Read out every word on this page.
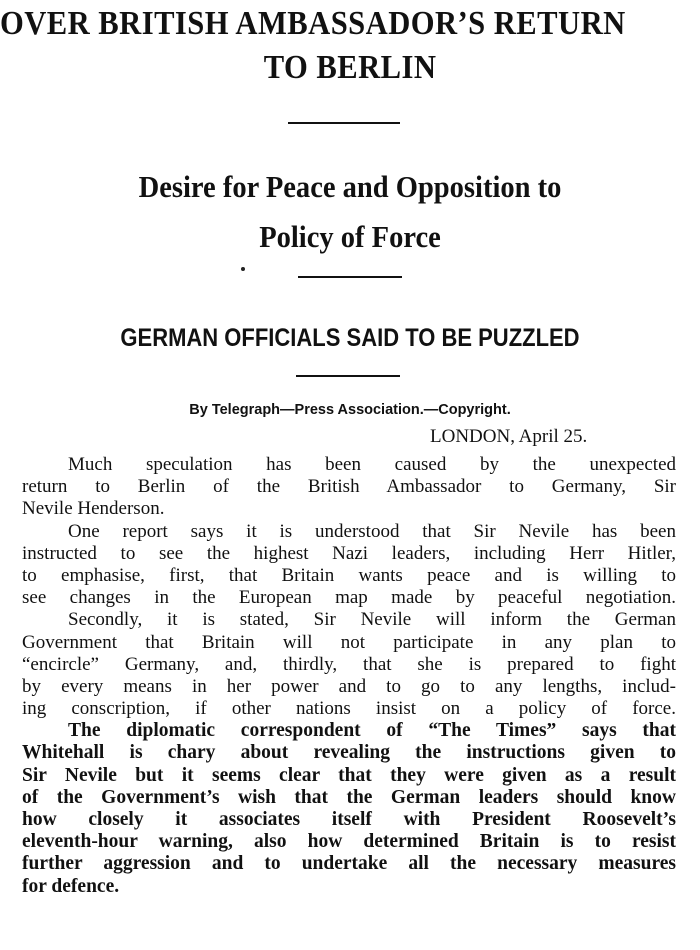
OVER BRITISH AMBASSADOR’S RETURN
TO BERLIN
Desire for Peace and Opposition to
Policy of Force
GERMAN OFFICIALS SAID TO BE PUZZLED
By Telegraph—Press Association.—Copyright.
LONDON, April 25.
Much speculation has been caused by the unexpected
return to Berlin of the British Ambassador to Germany, Sir
Nevile Henderson.
One report says it is understood that Sir Nevile has been
instructed to see the highest Nazi leaders, including Herr Hitler,
to emphasise, first, that Britain wants peace and is willing to
see changes in the European map made by peaceful negotiation.
Secondly, it is stated, Sir Nevile will inform the German
Government that Britain will not participate in any plan to
“encircle” Germany, and, thirdly, that she is prepared to fight
by every means in her power and to go to any lengths, includ-
ing conscription, if other nations insist on a policy of force.
The diplomatic correspondent of “The Times” says that
Whitehall is chary about revealing the instructions given to
Sir Nevile but it seems clear that they were given as a result
of the Government’s wish that the German leaders should know
how closely it associates itself with President Roosevelt’s
eleventh-hour warning, also how determined Britain is to resist
further aggression and to undertake all the necessary measures
for defence.
